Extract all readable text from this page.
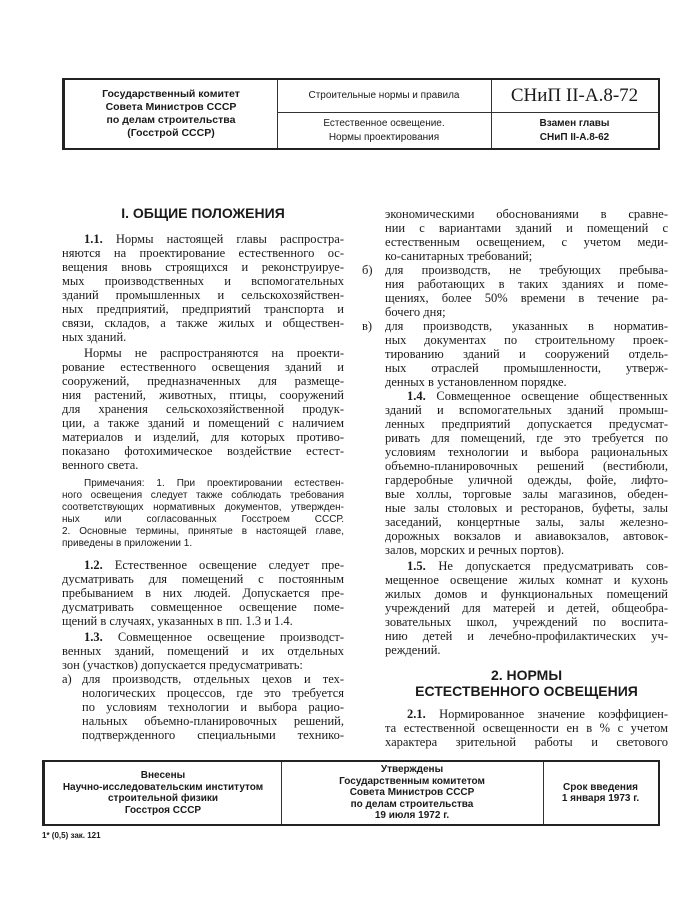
Государственный комитет
Совета Министров СССР
по делам строительства
(Госстрой СССР)
Строительные нормы и правила
Естественное освещение.
Нормы проектирования
СНиП II-А.8-72
Взамен главы
СНиП II-А.8-62
I. ОБЩИЕ ПОЛОЖЕНИЯ
1.1. Нормы настоящей главы распростра-
няются на проектирование естественного ос-
вещения вновь строящихся и реконструируе-
мых производственных и вспомогательных
зданий промышленных и сельскохозяйствен-
ных предприятий, предприятий транспорта и
связи, складов, а также жилых и обществен-
ных зданий.
Нормы не распространяются на проекти-
рование естественного освещения зданий и
сооружений, предназначенных для размеще-
ния растений, животных, птицы, сооружений
для хранения сельскохозяйственной продук-
ции, а также зданий и помещений с наличием
материалов и изделий, для которых противо-
показано фотохимическое воздействие естест-
венного света.
Примечания: 1. При проектировании естествен-
ного освещения следует также соблюдать требования
соответствующих нормативных документов, утвержден-
ных или согласованных Госстроем СССР.
2. Основные термины, принятые в настоящей главе,
приведены в приложении 1.
1.2. Естественное освещение следует пре-
дусматривать для помещений с постоянным
пребыванием в них людей. Допускается пре-
дусматривать совмещенное освещение поме-
щений в случаях, указанных в пп. 1.3 и 1.4.
1.3. Совмещенное освещение производст-
венных зданий, помещений и их отдельных
зон (участков) допускается предусматривать:
а) для производств, отдельных цехов и тех-
нологических процессов, где это требуется
по условиям технологии и выбора рацио-
нальных объемно-планировочных решений,
подтвержденного специальными технико-
экономическими обоснованиями в сравне-
нии с вариантами зданий и помещений с
естественным освещением, с учетом меди-
ко-санитарных требований;
б) для производств, не требующих пребыва-
ния работающих в таких зданиях и поме-
щениях, более 50% времени в течение ра-
бочего дня;
в) для производств, указанных в норматив-
ных документах по строительному проек-
тированию зданий и сооружений отдель-
ных отраслей промышленности, утверж-
денных в установленном порядке.
1.4. Совмещенное освещение общественных
зданий и вспомогательных зданий промыш-
ленных предприятий допускается предусмат-
ривать для помещений, где это требуется по
условиям технологии и выбора рациональных
объемно-планировочных решений (вестибюли,
гардеробные уличной одежды, фойе, лифто-
вые холлы, торговые залы магазинов, обеден-
ные залы столовых и ресторанов, буфеты, залы
заседаний, концертные залы, залы железно-
дорожных вокзалов и авиавокзалов, автовок-
залов, морских и речных портов).
1.5. Не допускается предусматривать сов-
мещенное освещение жилых комнат и кухонь
жилых домов и функциональных помещений
учреждений для матерей и детей, общеобра-
зовательных школ, учреждений по воспита-
нию детей и лечебно-профилактических уч-
реждений.
2. НОРМЫ
ЕСТЕСТВЕННОГО ОСВЕЩЕНИЯ
2.1. Нормированное значение коэффициен-
та естественной освещенности eн в % с учетом
характера зрительной работы и светового
Внесены
Научно-исследовательским институтом
строительной физики
Госстроя СССР
Утверждены
Государственным комитетом
Совета Министров СССР
по делам строительства
19 июля 1972 г.
Срок введения
1 января 1973 г.
1* (0,5) зак. 121
